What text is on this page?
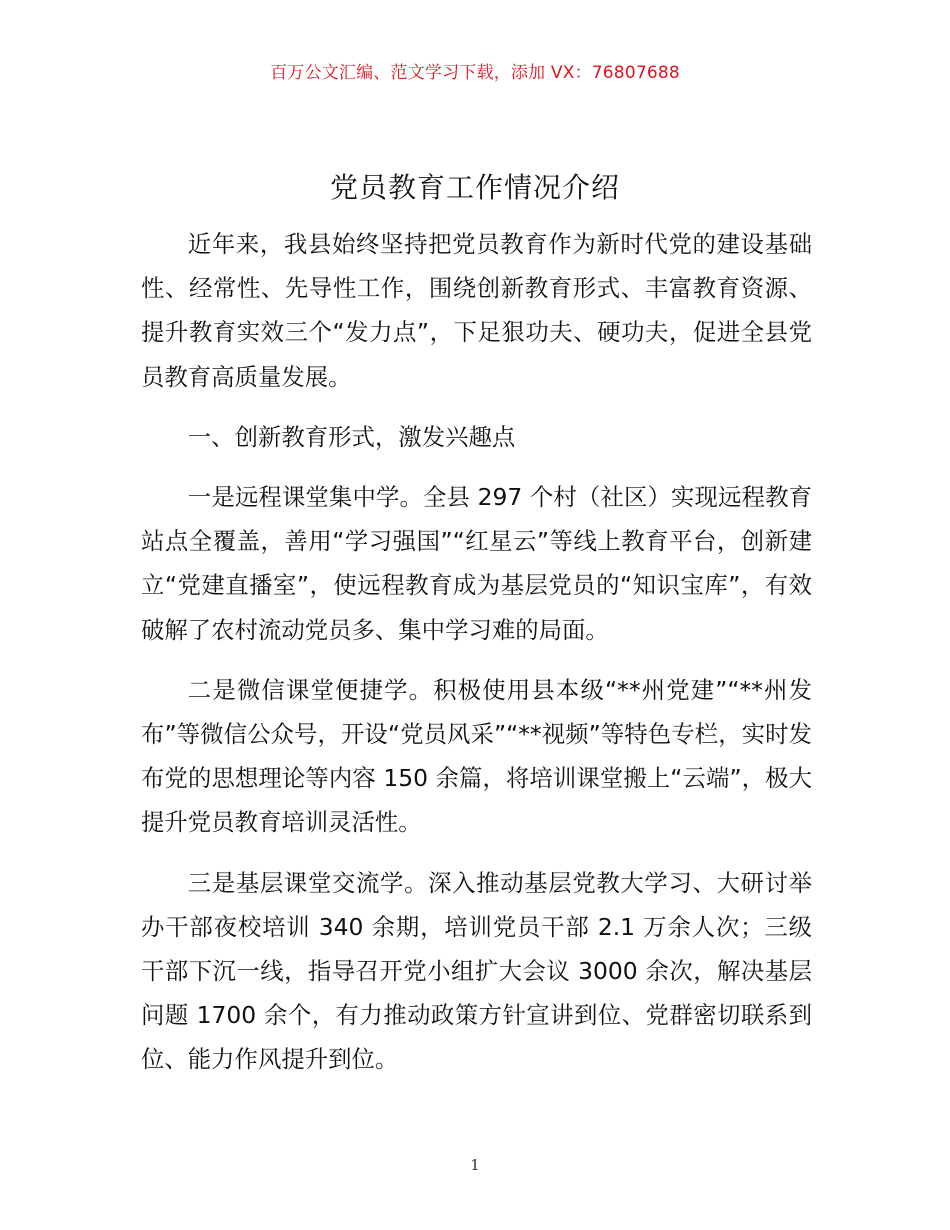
百万公文汇编、范文学习下载，添加 VX：76807688
党员教育工作情况介绍

近年来，我县始终坚持把党员教育作为新时代党的建设基础性、经常性、先导性工作，围绕创新教育形式、丰富教育资源、提升教育实效三个“发力点”，下足狠功夫、硬功夫，促进全县党员教育高质量发展。

一、创新教育形式，激发兴趣点

一是远程课堂集中学。全县 297 个村（社区）实现远程教育站点全覆盖，善用“学习强国”“红星云”等线上教育平台，创新建立“党建直播室”，使远程教育成为基层党员的“知识宝库”，有效破解了农村流动党员多、集中学习难的局面。

二是微信课堂便捷学。积极使用县本级“**州党建”“**州发布”等微信公众号，开设“党员风采”“**视频”等特色专栏，实时发布党的思想理论等内容 150 余篇，将培训课堂搬上“云端”，极大提升党员教育培训灵活性。

三是基层课堂交流学。深入推动基层党教大学习、大研讨举办干部夜校培训 340 余期，培训党员干部 2.1 万余人次；三级干部下沉一线，指导召开党小组扩大会议 3000 余次，解决基层问题 1700 余个，有力推动政策方针宣讲到位、党群密切联系到位、能力作风提升到位。

1
